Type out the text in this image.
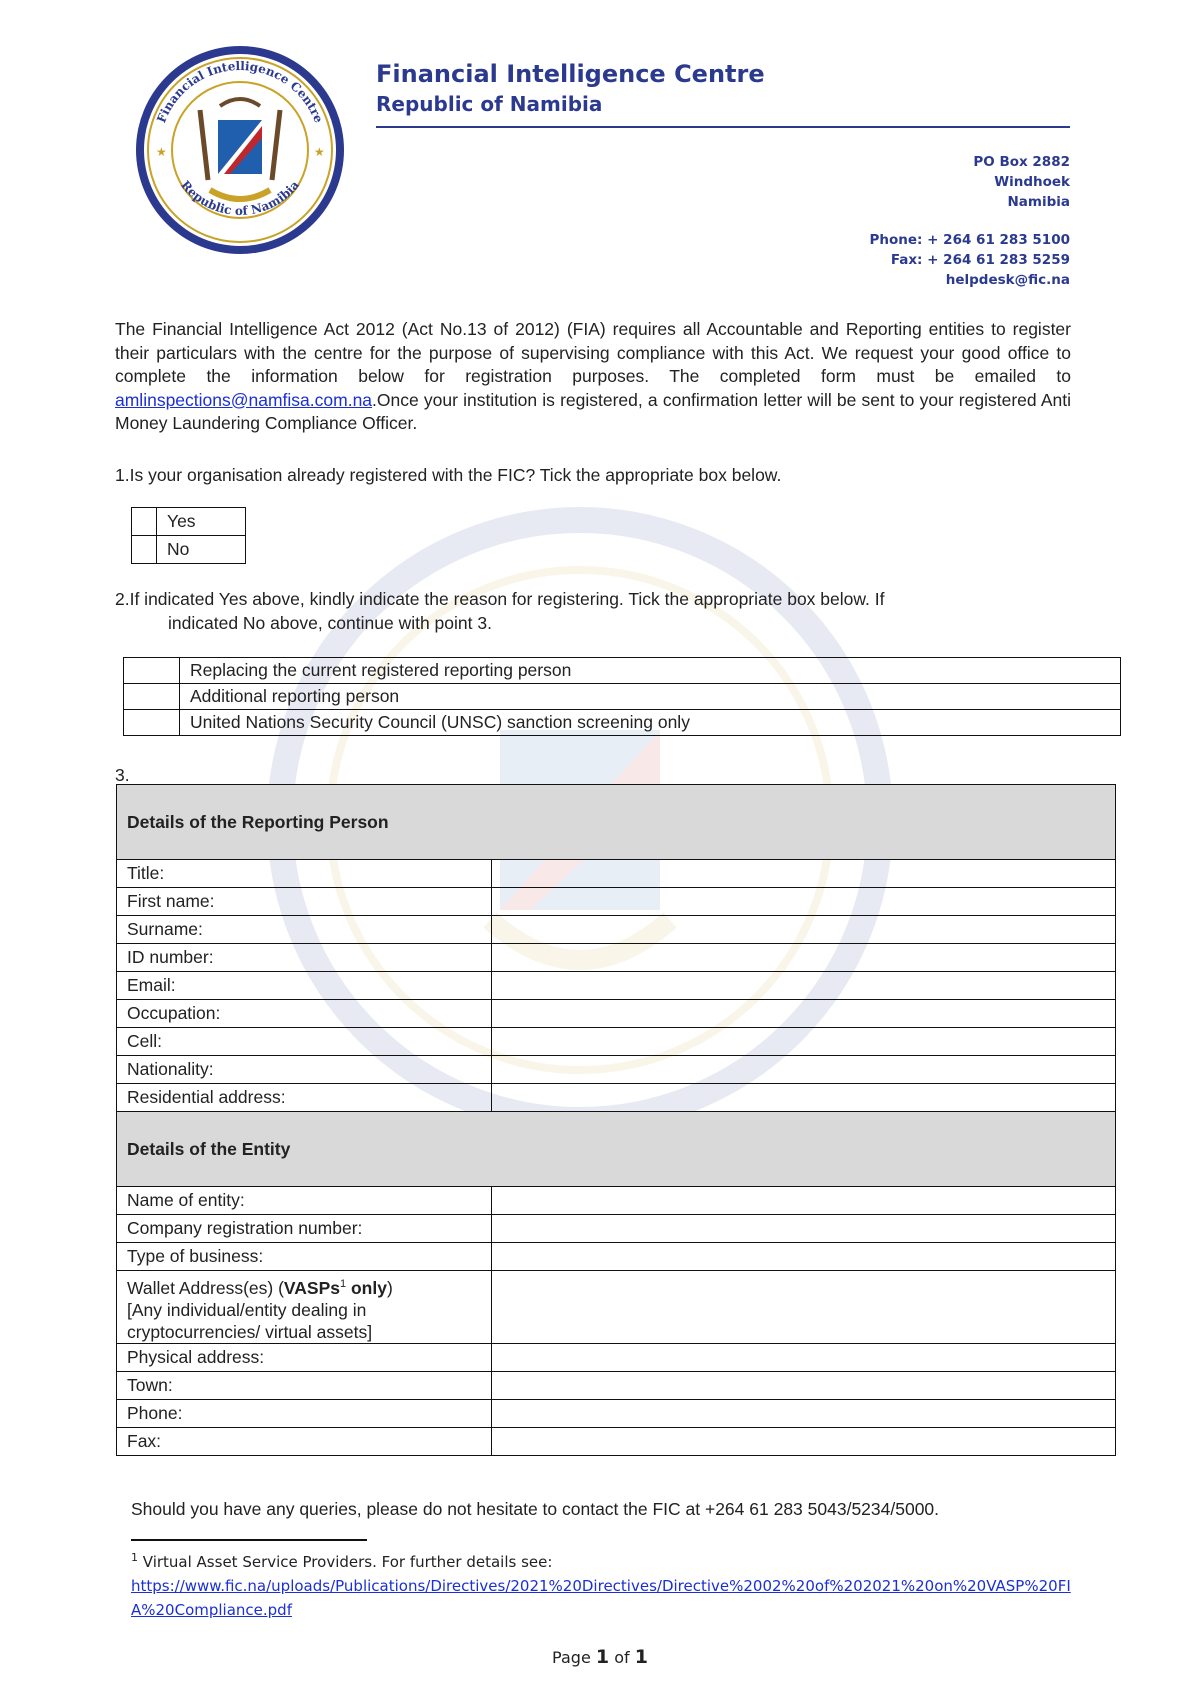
Financial Intelligence Centre
Republic of Namibia
★	★

Financial Intelligence Centre

Republic of Namibia

PO Box 2882
Windhoek
Namibia
Phone: + 264 61 283 5100
Fax: + 264 61 283 5259
helpdesk@fic.na
The Financial Intelligence Act 2012 (Act No.13 of 2012) (FIA) requires all Accountable and Reporting entities to register their particulars with the centre for the purpose of supervising compliance with this Act. We request your good office to complete the information below for registration purposes. The completed form must be emailed to amlinspections@namfisa.com.na.Once your institution is registered, a confirmation letter will be sent to your registered Anti Money Laundering Compliance Officer.
1.Is your organisation already registered with the FIC? Tick the appropriate box below.
	Yes
	No
2.If indicated Yes above, kindly indicate the reason for registering. Tick the appropriate box below. If
indicated No above, continue with point 3.
	Replacing the current registered reporting person
	Additional reporting person
	United Nations Security Council (UNSC) sanction screening only
3.
Details of the Reporting Person	
Title:	
First name:	
Surname:	
ID number:	
Email:	
Occupation:	
Cell:	
Nationality:	
Residential address:	
Details of the Entity	
Name of entity:	
Company registration number:	
Type of business:	
Wallet Address(es) (VASPs$^1$ only)
[Any individual/entity dealing in
cryptocurrencies/ virtual assets]	
Physical address:	
Town:	
Phone:	
Fax:	
Should you have any queries, please do not hesitate to contact the FIC at +264 61 283 5043/5234/5000.
$^1$ Virtual Asset Service Providers. For further details see:
https://www.fic.na/uploads/Publications/Directives/2021%20Directives/Directive%2002%20of%202021%20on%20VASP%20FIA%20Compliance.pdf
Page 1 of 1
